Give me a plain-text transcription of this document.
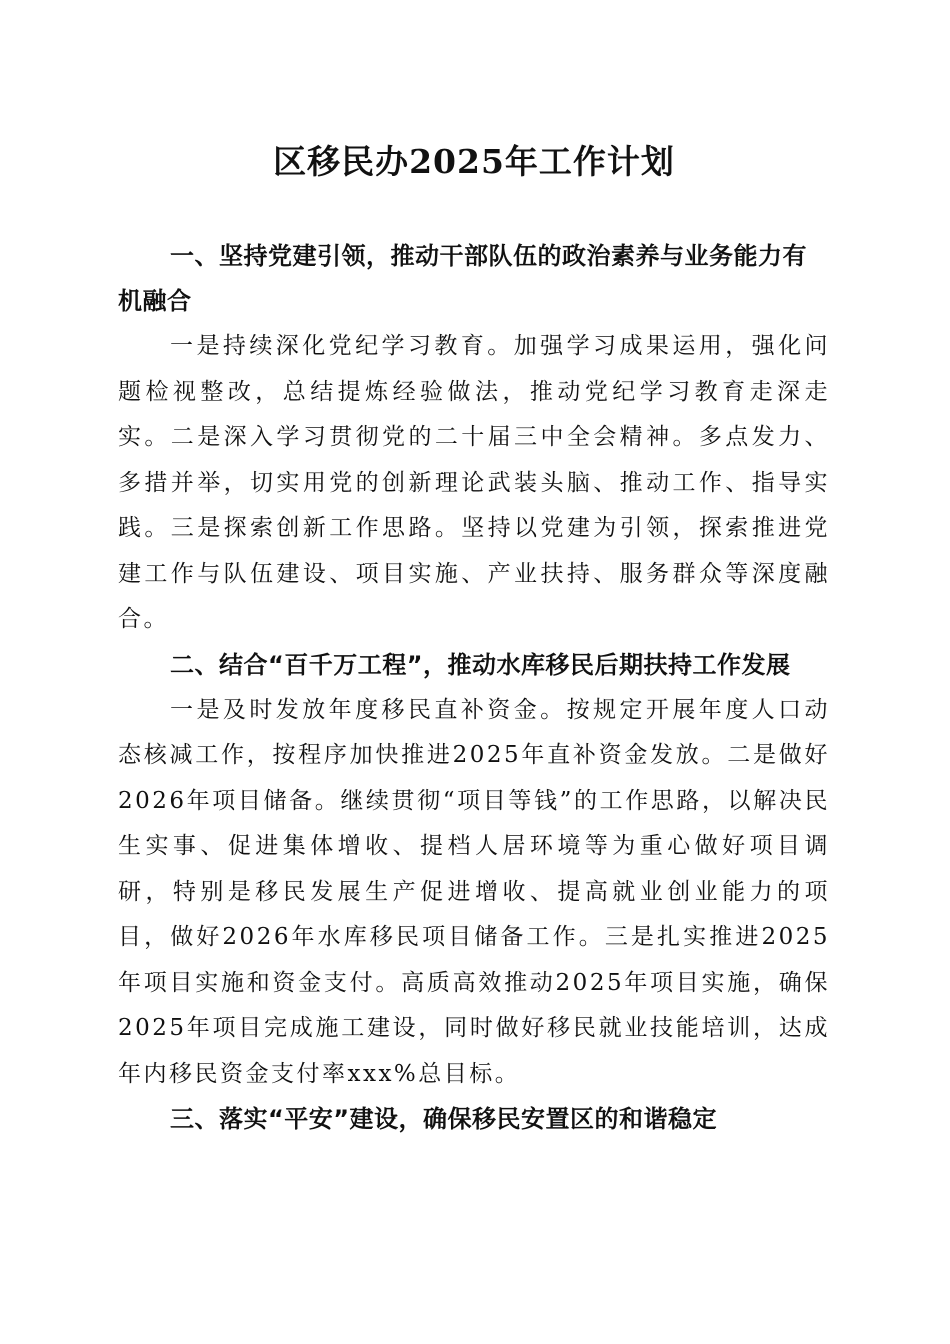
区移民办2025年工作计划

一、坚持党建引领，推动干部队伍的政治素养与业务能力有机融合

一是持续深化党纪学习教育。加强学习成果运用，强化问题检视整改，总结提炼经验做法，推动党纪学习教育走深走实。二是深入学习贯彻党的二十届三中全会精神。多点发力、多措并举，切实用党的创新理论武装头脑、推动工作、指导实践。三是探索创新工作思路。坚持以党建为引领，探索推进党建工作与队伍建设、项目实施、产业扶持、服务群众等深度融合。

二、结合“百千万工程”，推动水库移民后期扶持工作发展

一是及时发放年度移民直补资金。按规定开展年度人口动态核减工作，按程序加快推进2025年直补资金发放。二是做好2026年项目储备。继续贯彻“项目等钱”的工作思路，以解决民生实事、促进集体增收、提档人居环境等为重心做好项目调研，特别是移民发展生产促进增收、提高就业创业能力的项目，做好2026年水库移民项目储备工作。三是扎实推进2025年项目实施和资金支付。高质高效推动2025年项目实施，确保2025年项目完成施工建设，同时做好移民就业技能培训，达成年内移民资金支付率xxx%总目标。

三、落实“平安”建设，确保移民安置区的和谐稳定
